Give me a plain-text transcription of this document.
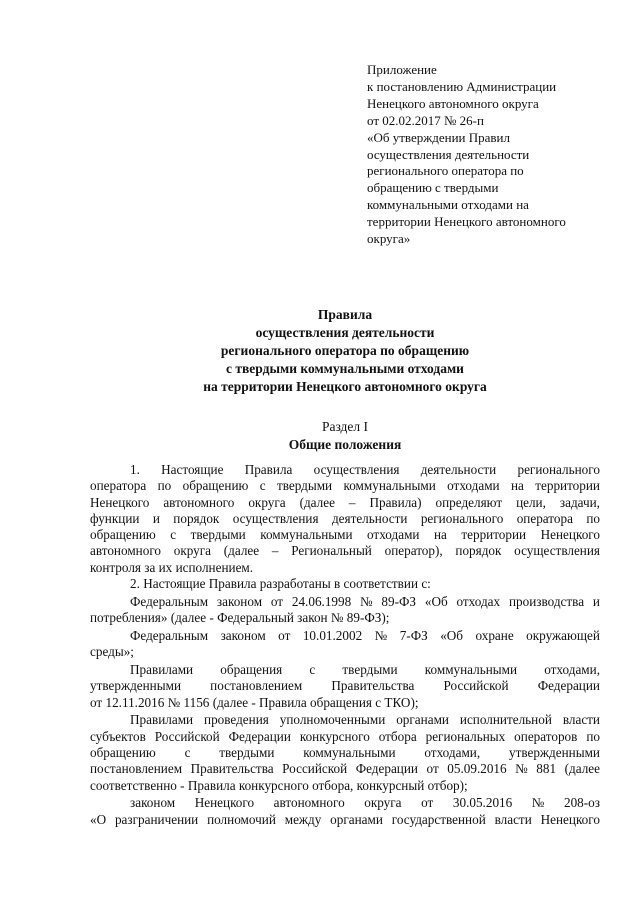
Приложение
к постановлению Администрации
Ненецкого автономного округа
от 02.02.2017 № 26-п
«Об утверждении Правил
осуществления деятельности
регионального оператора по
обращению с твердыми
коммунальными отходами на
территории Ненецкого автономного
округа»
Правила
осуществления деятельности
регионального оператора по обращению
с твердыми коммунальными отходами
на территории Ненецкого автономного округа
Раздел I
Общие положения
1. Настоящие Правила осуществления деятельности регионального
оператора по обращению с твердыми коммунальными отходами на территории
Ненецкого автономного округа (далее – Правила) определяют цели, задачи,
функции и порядок осуществления деятельности регионального оператора по
обращению с твердыми коммунальными отходами на территории Ненецкого
автономного округа (далее – Региональный оператор), порядок осуществления
контроля за их исполнением.
2. Настоящие Правила разработаны в соответствии с:
Федеральным законом от 24.06.1998 № 89-ФЗ «Об отходах производства и
потребления» (далее - Федеральный закон № 89-ФЗ);
Федеральным законом от 10.01.2002 № 7-ФЗ «Об охране окружающей
среды»;
Правилами обращения с твердыми коммунальными отходами,
утвержденными постановлением Правительства Российской Федерации
от 12.11.2016 № 1156 (далее - Правила обращения с ТКО);
Правилами проведения уполномоченными органами исполнительной власти
субъектов Российской Федерации конкурсного отбора региональных операторов по
обращению с твердыми коммунальными отходами, утвержденными
постановлением Правительства Российской Федерации от 05.09.2016 № 881 (далее
соответственно - Правила конкурсного отбора, конкурсный отбор);
законом Ненецкого автономного округа от 30.05.2016 № 208-оз
«О разграничении полномочий между органами государственной власти Ненецкого
